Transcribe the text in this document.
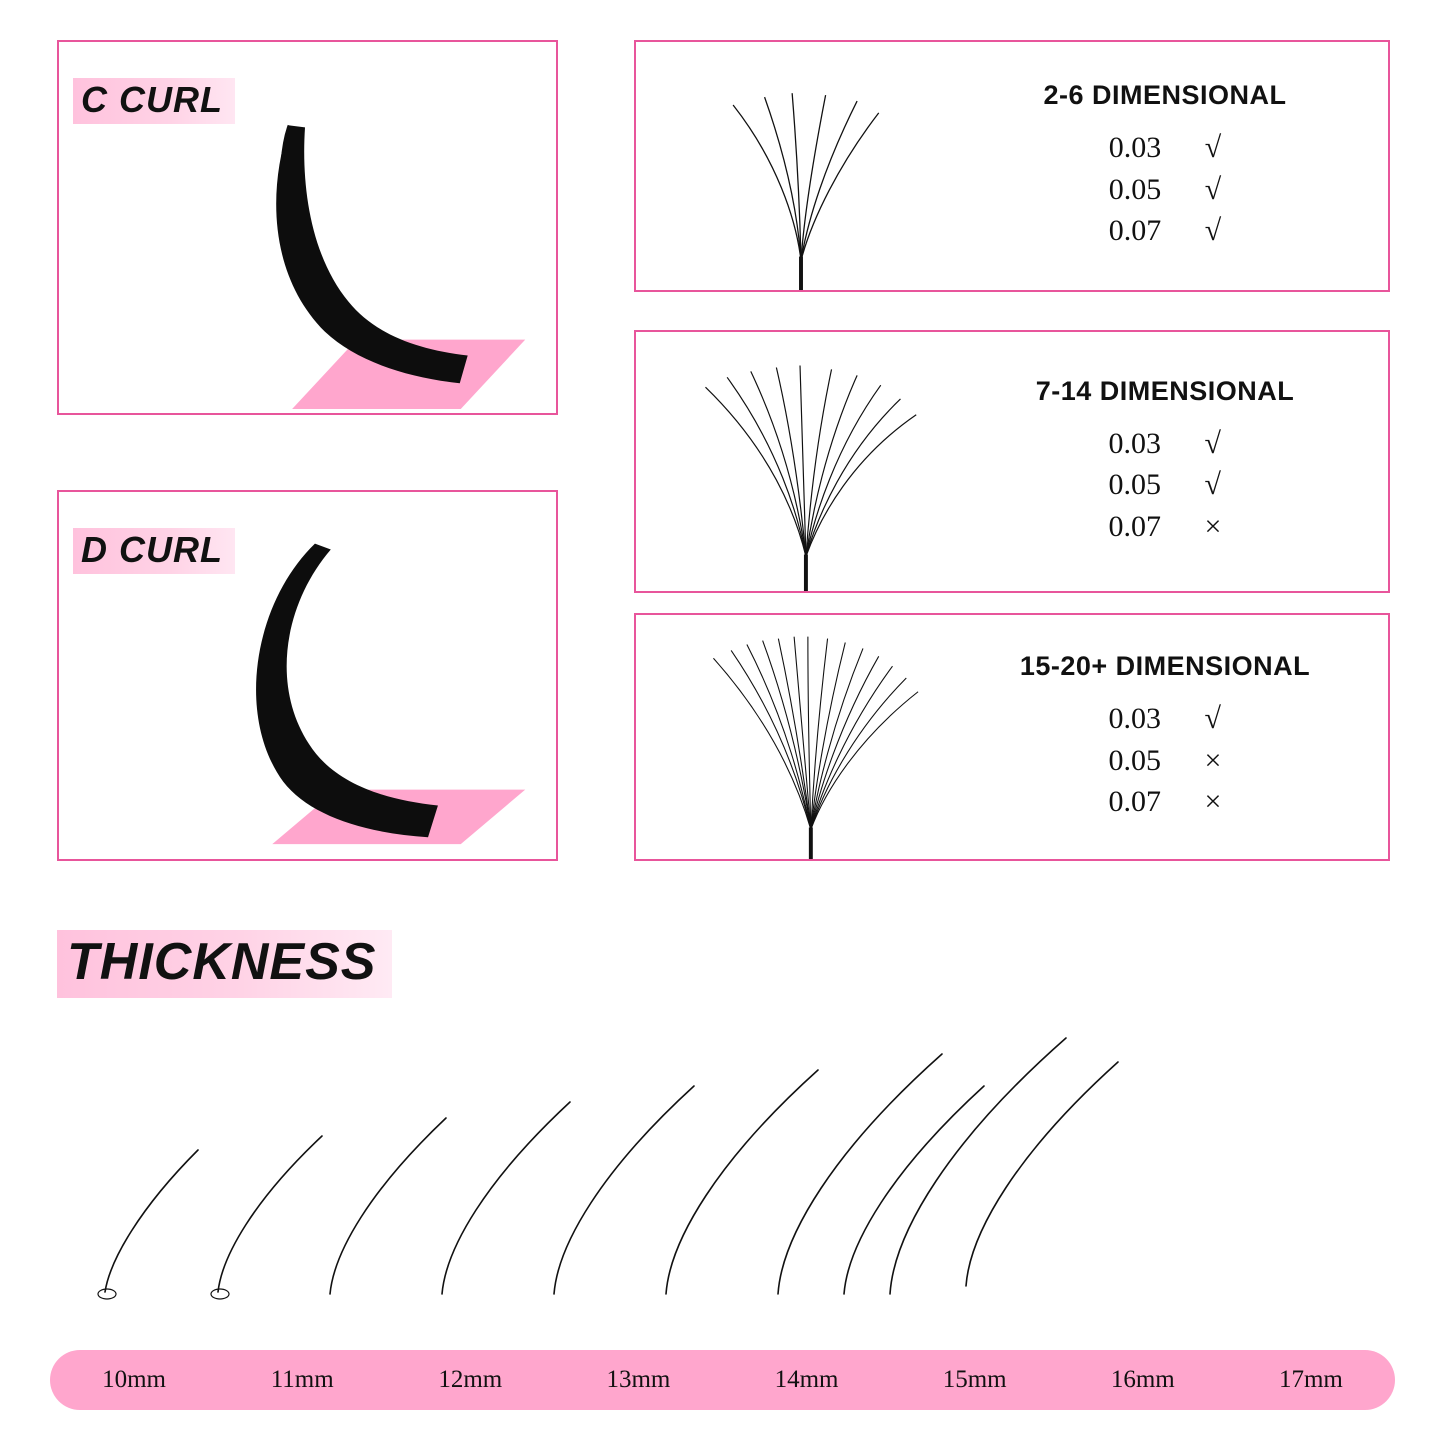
C CURL
D CURL
2-6 DIMENSIONAL
0.03	√
0.05	√
0.07	√
7-14 DIMENSIONAL
0.03	√
0.05	√
0.07	×
15-20+ DIMENSIONAL
0.03	√
0.05	×
0.07	×
THICKNESS
10mm	11mm	12mm	13mm	14mm	15mm	16mm	17mm
